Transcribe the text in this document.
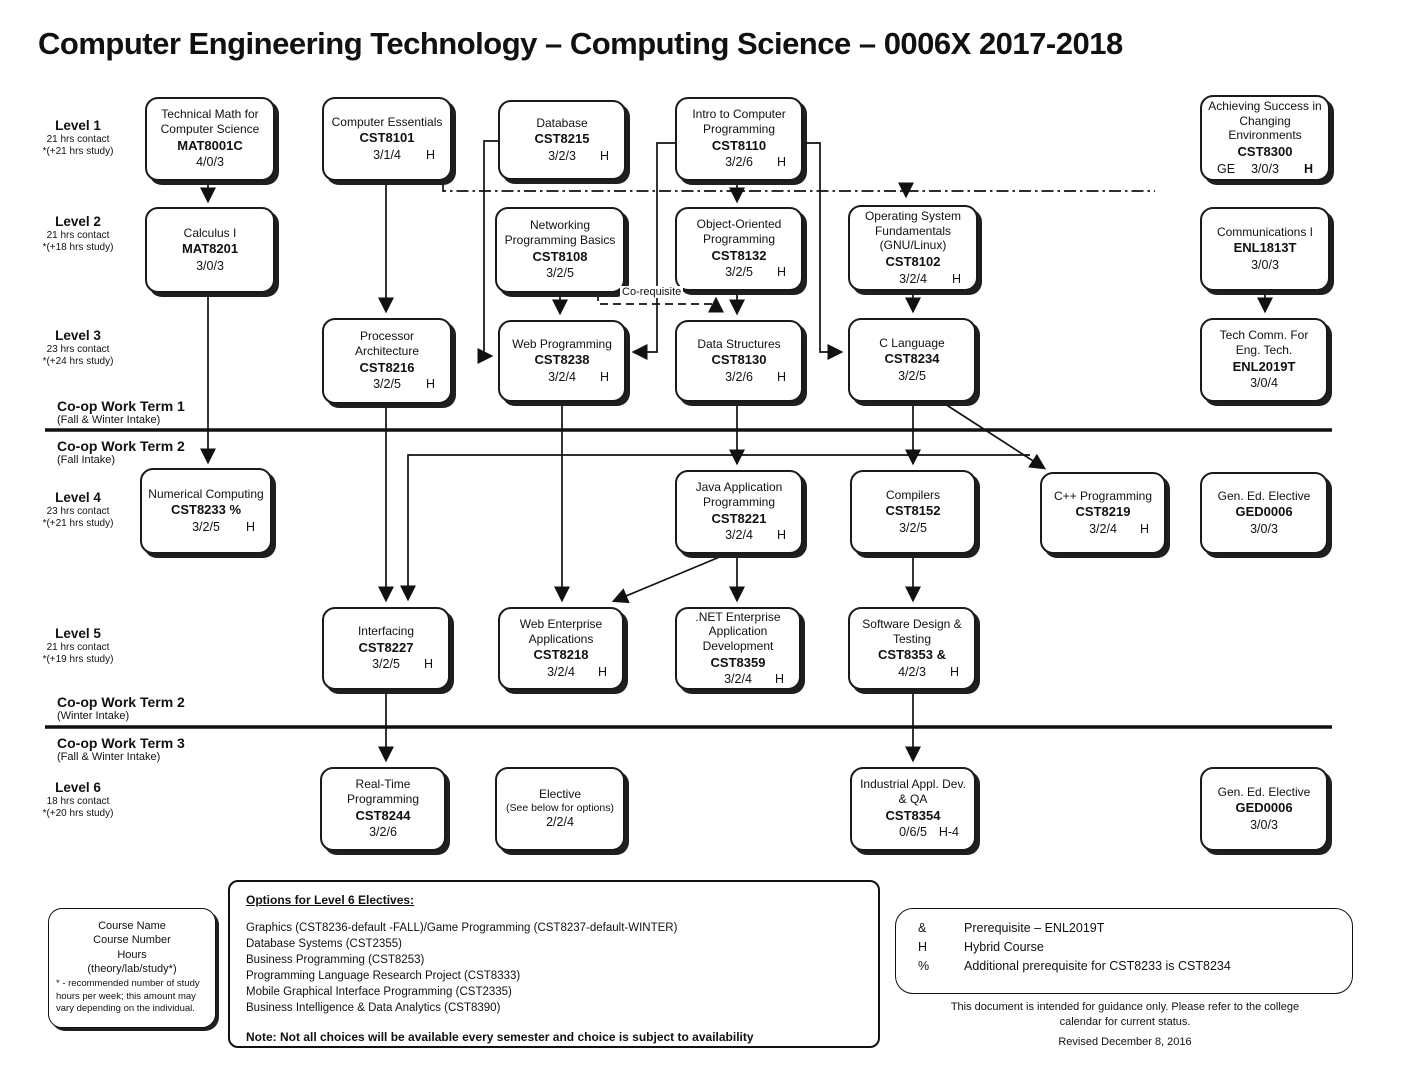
Computer Engineering Technology – Computing Science – 0006X 2017-2018
Level 1
21 hrs contact
*(+21 hrs study)
Level 2
21 hrs contact
*(+18 hrs study)
Level 3
23 hrs contact
*(+24 hrs study)
Level 4
23 hrs contact
*(+21 hrs study)
Level 5
21 hrs contact
*(+19 hrs study)
Level 6
18 hrs contact
*(+20 hrs study)
Co-op Work Term 1
(Fall & Winter Intake)
Co-op Work Term 2
(Fall Intake)
Co-op Work Term 2
(Winter Intake)
Co-op Work Term 3
(Fall & Winter Intake)
Co-requisite
Technical Math for Computer Science
MAT8001C
4/0/3
Computer Essentials
CST8101
3/1/4 H
Database
CST8215
3/2/3 H
Intro to Computer Programming
CST8110
3/2/6 H
Achieving Success in Changing Environments
CST8300
GE 3/0/3 H
Calculus I
MAT8201
3/0/3
Networking Programming Basics
CST8108
3/2/5
Object-Oriented Programming
CST8132
3/2/5 H
Operating System Fundamentals (GNU/Linux)
CST8102
3/2/4 H
Communications I
ENL1813T
3/0/3
Processor Architecture
CST8216
3/2/5 H
Web Programming
CST8238
3/2/4 H
Data Structures
CST8130
3/2/6 H
C Language
CST8234
3/2/5
Tech Comm. For Eng. Tech.
ENL2019T
3/0/4
Numerical Computing
CST8233 %
3/2/5 H
Java Application Programming
CST8221
3/2/4 H
Compilers
CST8152
3/2/5
C++ Programming
CST8219
3/2/4 H
Gen. Ed. Elective
GED0006
3/0/3
Interfacing
CST8227
3/2/5 H
Web Enterprise Applications
CST8218
3/2/4 H
.NET Enterprise Application Development
CST8359
3/2/4 H
Software Design & Testing
CST8353 &
4/2/3 H
Real-Time Programming
CST8244
3/2/6
Elective
(See below for options)
2/2/4
Industrial Appl. Dev. & QA
CST8354
0/6/5 H-4
Gen. Ed. Elective
GED0006
3/0/3
Course Name
Course Number
Hours
(theory/lab/study*)
* - recommended number of study hours per week; this amount may vary depending on the individual.
Options for Level 6 Electives:
Graphics (CST8236-default -FALL)/Game Programming (CST8237-default-WINTER)
Database Systems (CST2355)
Business Programming (CST8253)
Programming Language Research Project (CST8333)
Mobile Graphical Interface Programming (CST2335)
Business Intelligence & Data Analytics (CST8390)
Note: Not all choices will be available every semester and choice is subject to availability
&	Prerequisite – ENL2019T
H	Hybrid Course
%	Additional prerequisite for CST8233 is CST8234
This document is intended for guidance only. Please refer to the college calendar for current status.
Revised December 8, 2016
